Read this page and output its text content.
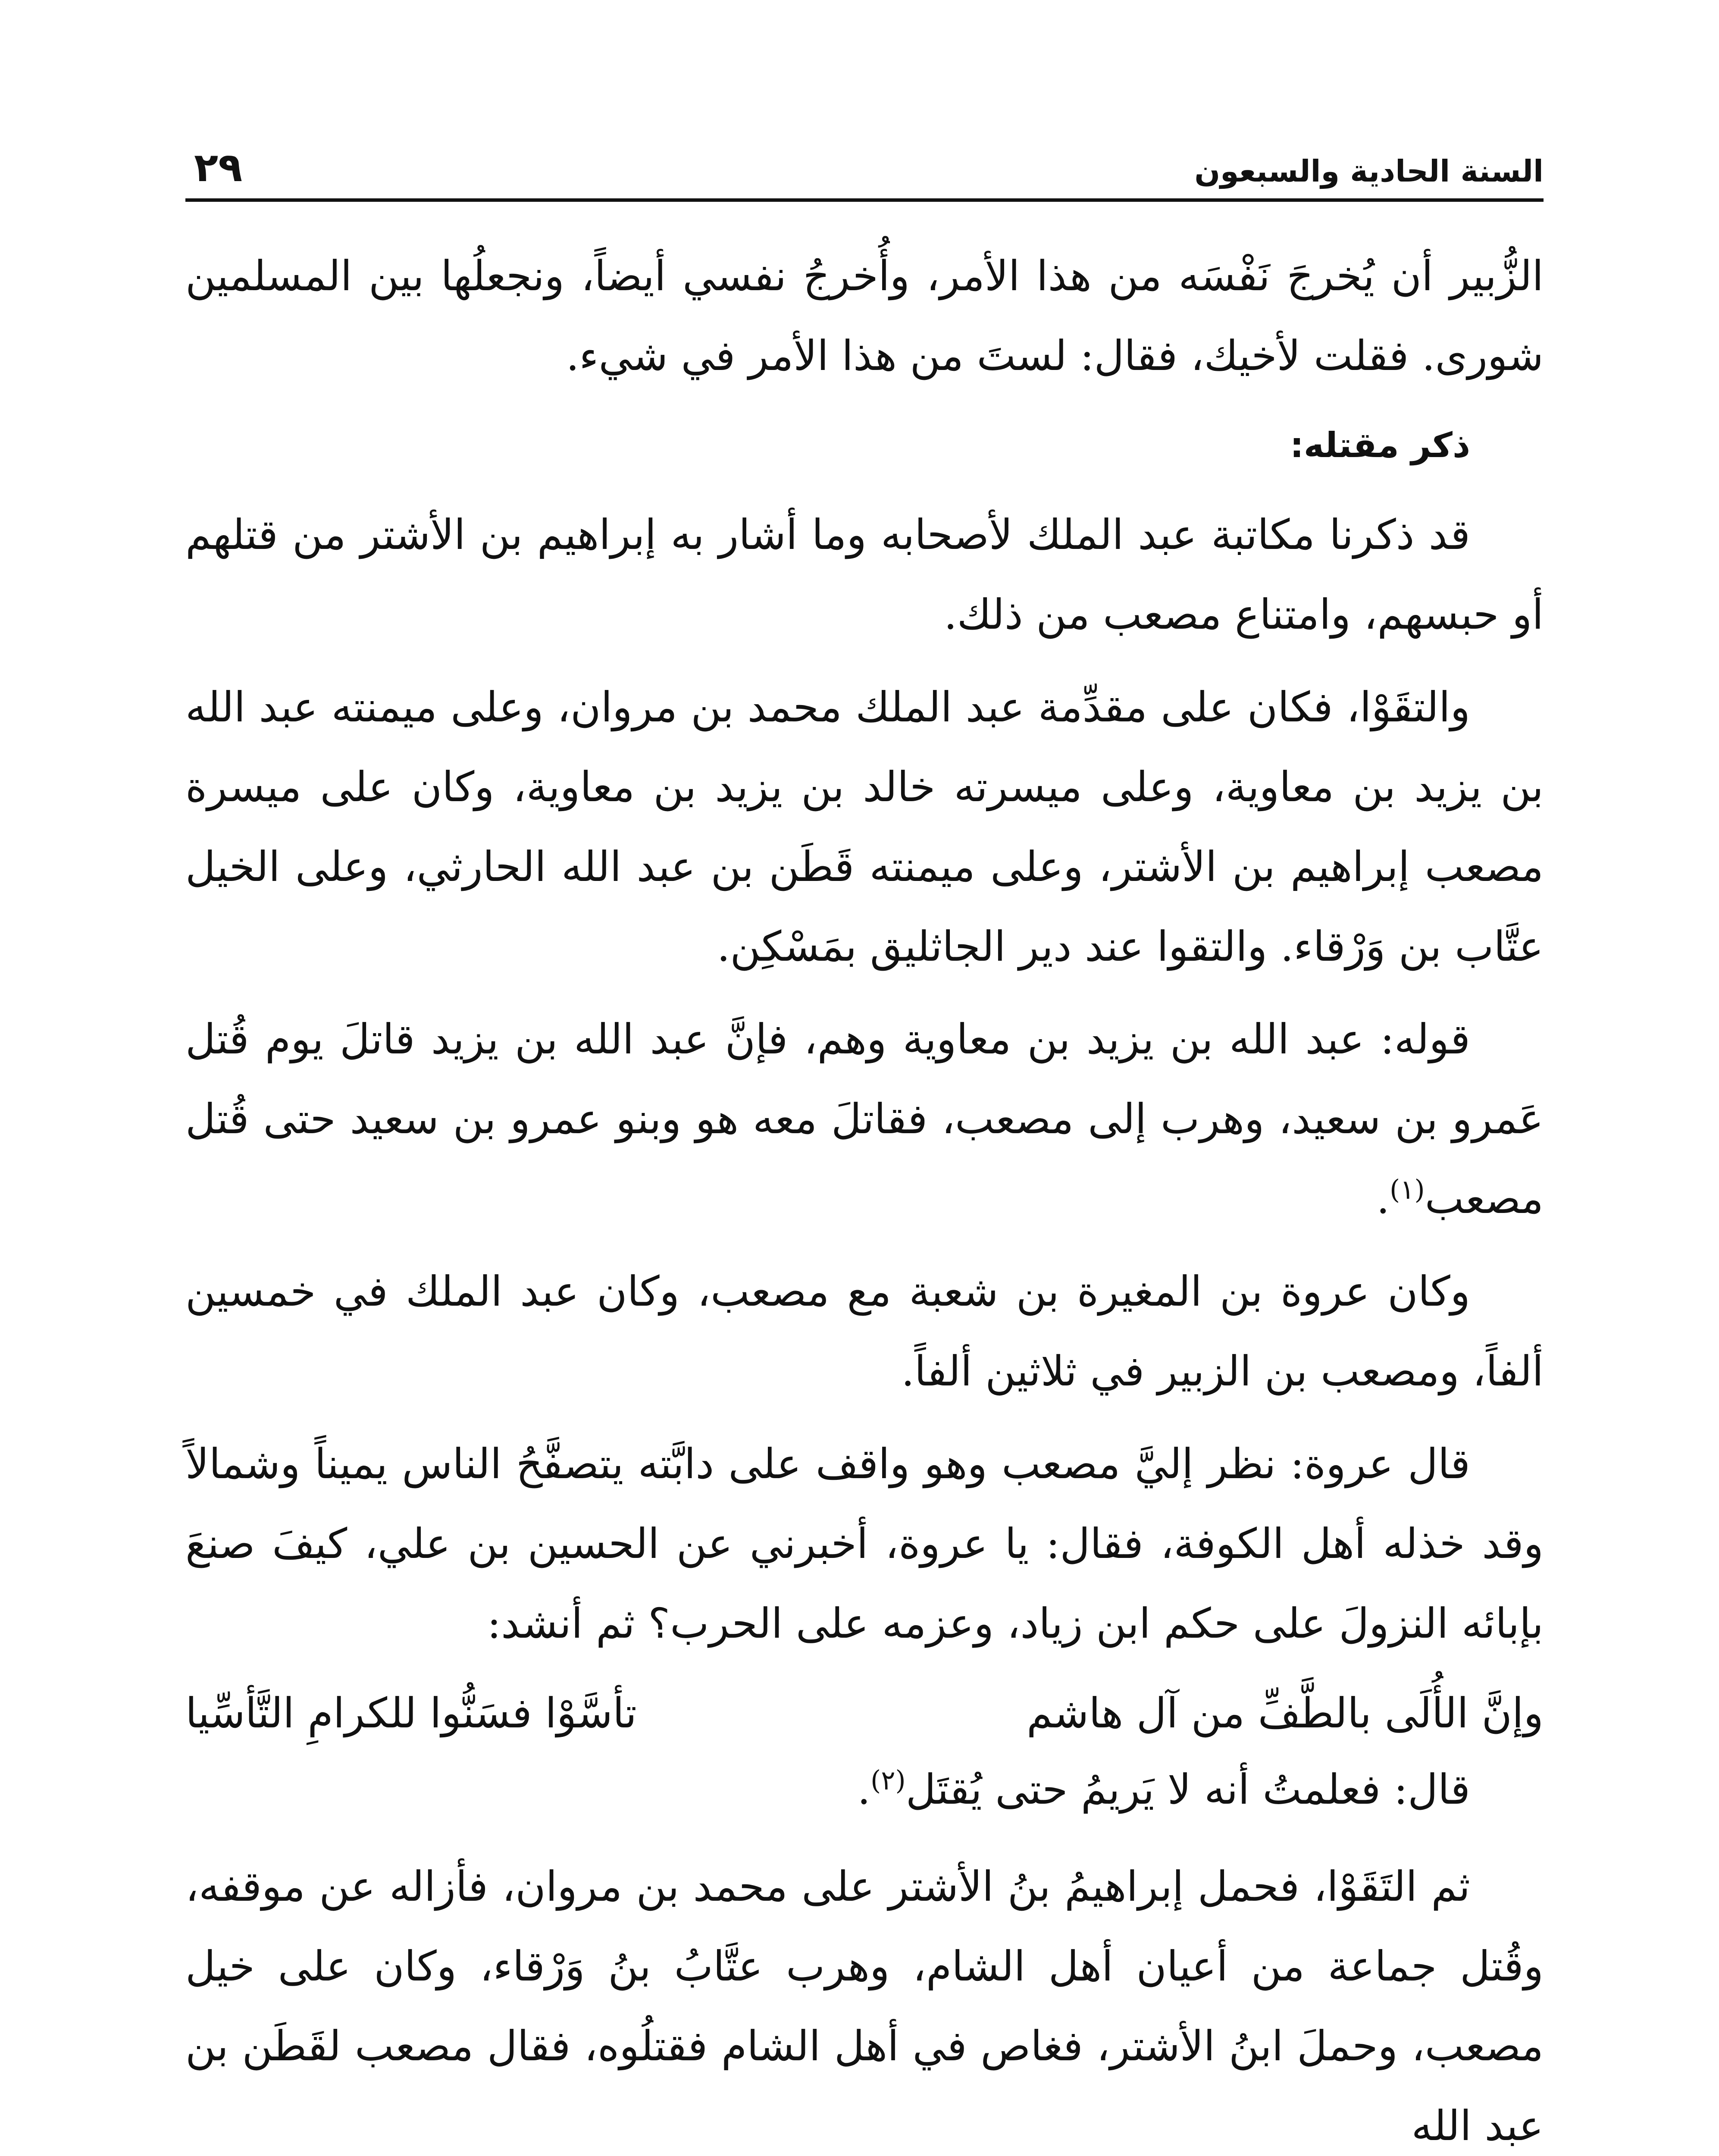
السنة الحادية والسبعون
٢٩

الزُّبير أن يُخرجَ نَفْسَه من هذا الأمر، وأُخرجُ نفسي أيضاً، ونجعلُها بين المسلمين شورى. فقلت لأخيك، فقال: لستَ من هذا الأمر في شيء.

ذكر مقتله:

قد ذكرنا مكاتبة عبد الملك لأصحابه وما أشار به إبراهيم بن الأشتر من قتلهم أو حبسهم، وامتناع مصعب من ذلك.

والتقَوْا، فكان على مقدِّمة عبد الملك محمد بن مروان، وعلى ميمنته عبد الله بن يزيد بن معاوية، وعلى ميسرته خالد بن يزيد بن معاوية، وكان على ميسرة مصعب إبراهيم بن الأشتر، وعلى ميمنته قَطَن بن عبد الله الحارثي، وعلى الخيل عتَّاب بن وَرْقاء. والتقوا عند دير الجاثليق بمَسْكِن.

قوله: عبد الله بن يزيد بن معاوية وهم، فإنَّ عبد الله بن يزيد قاتلَ يوم قُتل عَمرو بن سعيد، وهرب إلى مصعب، فقاتلَ معه هو وبنو عمرو بن سعيد حتى قُتل مصعب$^{(١)}$.

وكان عروة بن المغيرة بن شعبة مع مصعب، وكان عبد الملك في خمسين ألفاً، ومصعب بن الزبير في ثلاثين ألفاً.

قال عروة: نظر إليَّ مصعب وهو واقف على دابَّته يتصفَّحُ الناس يميناً وشمالاً وقد خذله أهل الكوفة، فقال: يا عروة، أخبرني عن الحسين بن علي، كيفَ صنعَ بإبائه النزولَ على حكم ابن زياد، وعزمه على الحرب؟ ثم أنشد:

وإنَّ الأُلَى بالطَّفِّ من آل هاشم
تأسَّوْا فسَنُّوا للكرامِ التَّأسِّيا

قال: فعلمتُ أنه لا يَريمُ حتى يُقتَل$^{(٢)}$.

ثم التَقَوْا، فحمل إبراهيمُ بنُ الأشتر على محمد بن مروان، فأزاله عن موقفه، وقُتل جماعة من أعيان أهل الشام، وهرب عتَّابُ بنُ وَرْقاء، وكان على خيل مصعب، وحملَ ابنُ الأشتر، فغاص في أهل الشام فقتلُوه، فقال مصعب لقَطَن بن عبد الله
